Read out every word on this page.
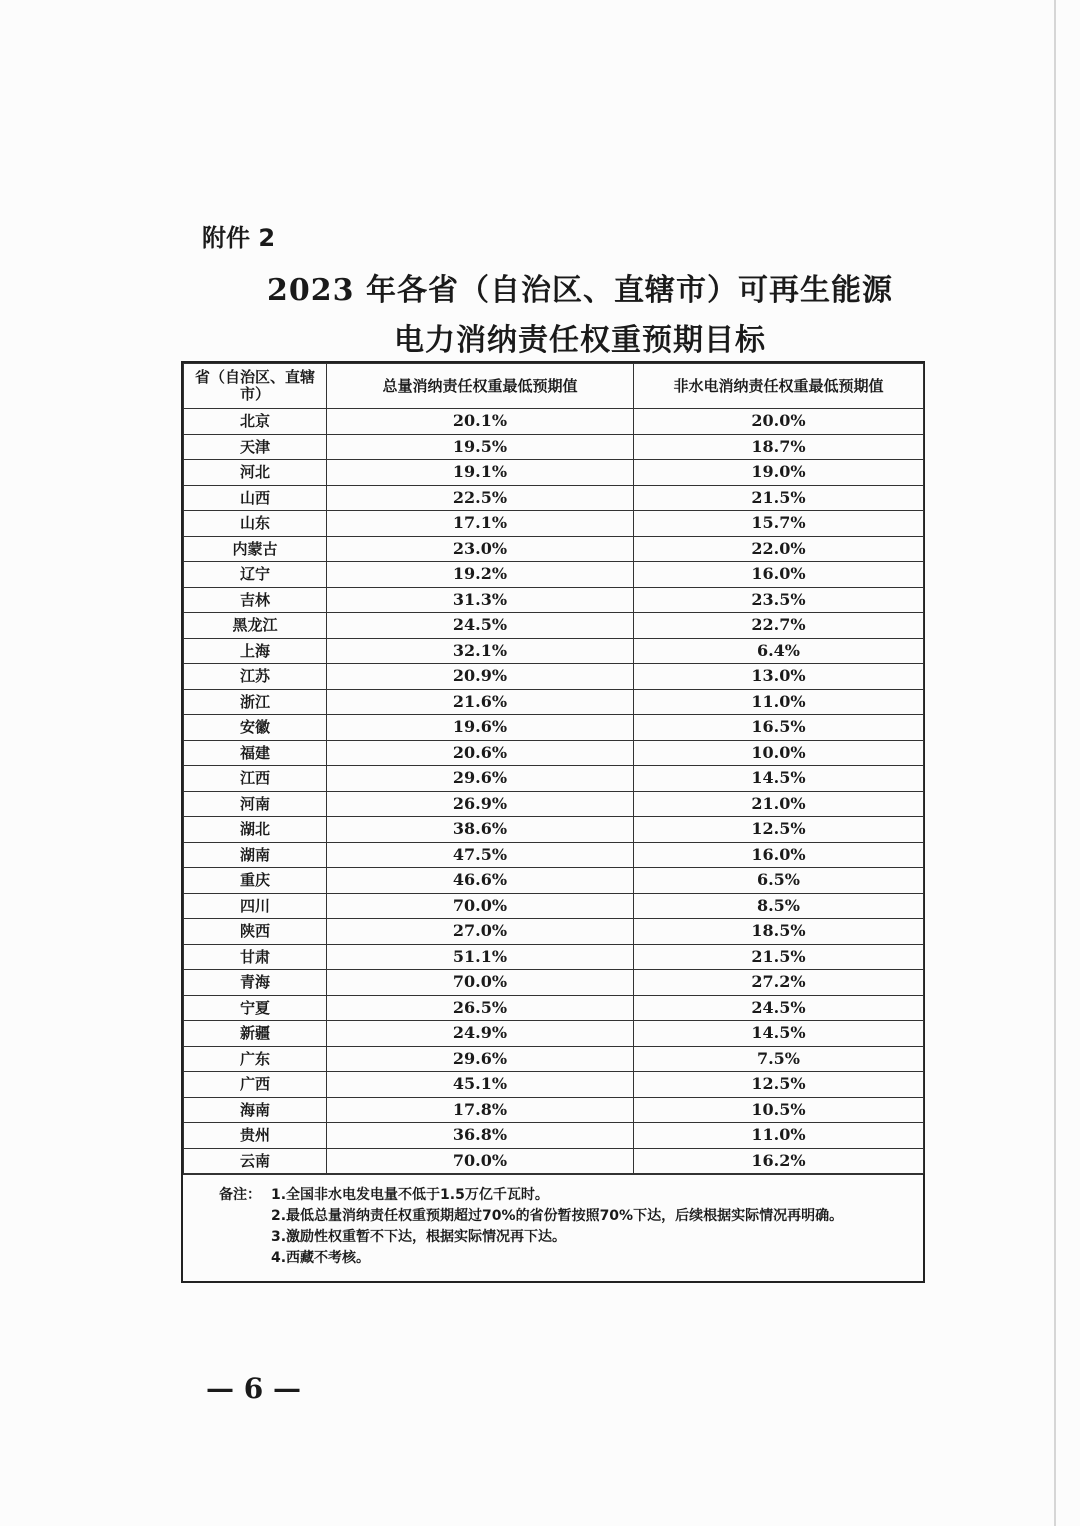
附件 2
2023 年各省（自治区、直辖市）可再生能源
电力消纳责任权重预期目标
省（自治区、直辖市）	总量消纳责任权重最低预期值	非水电消纳责任权重最低预期值
北京	20.1%	20.0%
天津	19.5%	18.7%
河北	19.1%	19.0%
山西	22.5%	21.5%
山东	17.1%	15.7%
内蒙古	23.0%	22.0%
辽宁	19.2%	16.0%
吉林	31.3%	23.5%
黑龙江	24.5%	22.7%
上海	32.1%	6.4%
江苏	20.9%	13.0%
浙江	21.6%	11.0%
安徽	19.6%	16.5%
福建	20.6%	10.0%
江西	29.6%	14.5%
河南	26.9%	21.0%
湖北	38.6%	12.5%
湖南	47.5%	16.0%
重庆	46.6%	6.5%
四川	70.0%	8.5%
陕西	27.0%	18.5%
甘肃	51.1%	21.5%
青海	70.0%	27.2%
宁夏	26.5%	24.5%
新疆	24.9%	14.5%
广东	29.6%	7.5%
广西	45.1%	12.5%
海南	17.8%	10.5%
贵州	36.8%	11.0%
云南	70.0%	16.2%
备注： 1.全国非水电发电量不低于1.5万亿千瓦时。
2.最低总量消纳责任权重预期超过70%的省份暂按照70%下达，后续根据实际情况再明确。
3.激励性权重暂不下达，根据实际情况再下达。
4.西藏不考核。
— 6 —
